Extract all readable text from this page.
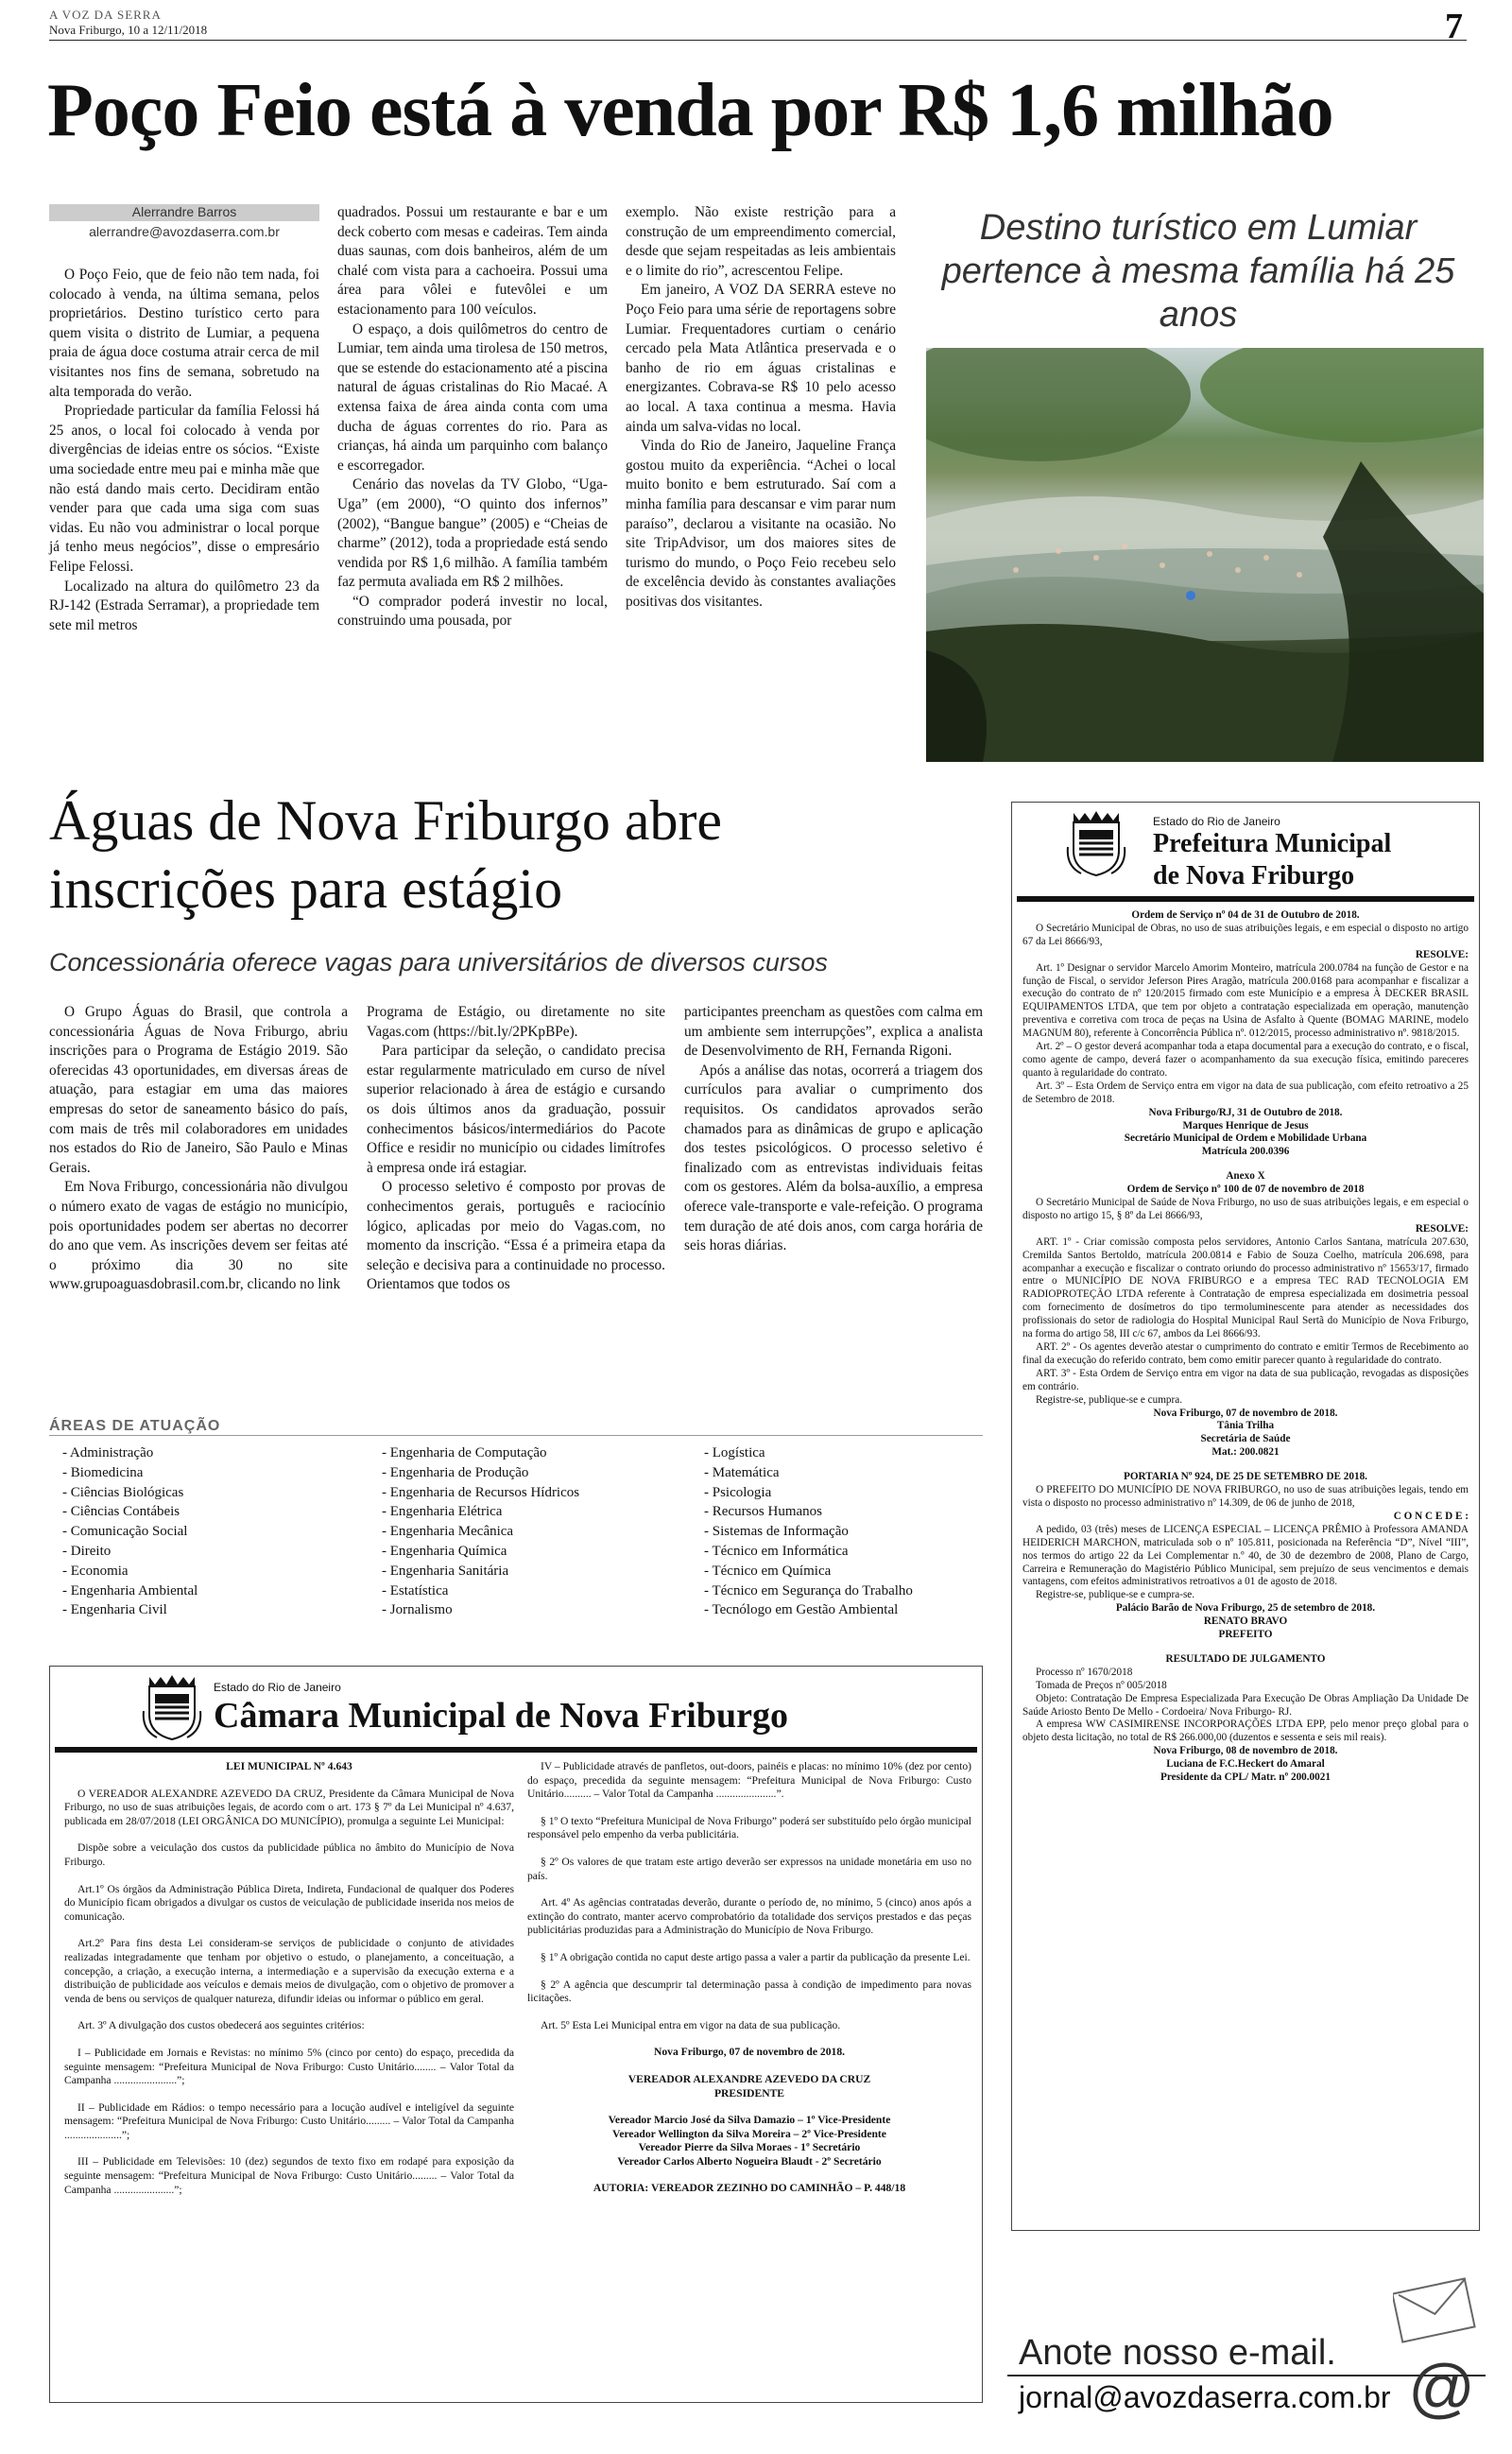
A VOZ DA SERRA
Nova Friburgo, 10 a 12/11/2018	7
Poço Feio está à venda por R$ 1,6 milhão
Alerrandre Barros
alerrandre@avozdaserra.com.br

O Poço Feio, que de feio não tem nada, foi colocado à venda, na última semana, pelos proprietários. Destino turístico certo para quem visita o distrito de Lumiar, a pequena praia de água doce costuma atrair cerca de mil visitantes nos fins de semana, sobretudo na alta temporada do verão.

Propriedade particular da família Felossi há 25 anos, o local foi colocado à venda por divergências de ideias entre os sócios. “Existe uma sociedade entre meu pai e minha mãe que não está dando mais certo. Decidiram então vender para que cada uma siga com suas vidas. Eu não vou administrar o local porque já tenho meus negócios”, disse o empresário Felipe Felossi.

Localizado na altura do quilômetro 23 da RJ-142 (Estrada Serramar), a propriedade tem sete mil metros

quadrados. Possui um restaurante e bar e um deck coberto com mesas e cadeiras. Tem ainda duas saunas, com dois banheiros, além de um chalé com vista para a cachoeira. Possui uma área para vôlei e futevôlei e um estacionamento para 100 veículos.

O espaço, a dois quilômetros do centro de Lumiar, tem ainda uma tirolesa de 150 metros, que se estende do estacionamento até a piscina natural de águas cristalinas do Rio Macaé. A extensa faixa de área ainda conta com uma ducha de águas correntes do rio. Para as crianças, há ainda um parquinho com balanço e escorregador.

Cenário das novelas da TV Globo, “Uga-Uga” (em 2000), “O quinto dos infernos” (2002), “Bangue bangue” (2005) e “Cheias de charme” (2012), toda a propriedade está sendo vendida por R$ 1,6 milhão. A família também faz permuta avaliada em R$ 2 milhões.

“O comprador poderá investir no local, construindo uma pousada, por

exemplo. Não existe restrição para a construção de um empreendimento comercial, desde que sejam respeitadas as leis ambientais e o limite do rio”, acrescentou Felipe.

Em janeiro, A VOZ DA SERRA esteve no Poço Feio para uma série de reportagens sobre Lumiar. Frequentadores curtiam o cenário cercado pela Mata Atlântica preservada e o banho de rio em águas cristalinas e energizantes. Cobrava-se R$ 10 pelo acesso ao local. A taxa continua a mesma. Havia ainda um salva-vidas no local.

Vinda do Rio de Janeiro, Jaqueline França gostou muito da experiência. “Achei o local muito bonito e bem estruturado. Saí com a minha família para descansar e vim parar num paraíso”, declarou a visitante na ocasião. No site TripAdvisor, um dos maiores sites de turismo do mundo, o Poço Feio recebeu selo de excelência devido às constantes avaliações positivas dos visitantes.

Destino turístico em Lumiar pertence à mesma família há 25 anos
Águas de Nova Friburgo abre inscrições para estágio
Concessionária oferece vagas para universitários de diversos cursos

O Grupo Águas do Brasil, que controla a concessionária Águas de Nova Friburgo, abriu inscrições para o Programa de Estágio 2019. São oferecidas 43 oportunidades, em diversas áreas de atuação, para estagiar em uma das maiores empresas do setor de saneamento básico do país, com mais de três mil colaboradores em unidades nos estados do Rio de Janeiro, São Paulo e Minas Gerais.

Em Nova Friburgo, concessionária não divulgou o número exato de vagas de estágio no município, pois oportunidades podem ser abertas no decorrer do ano que vem. As inscrições devem ser feitas até o próximo dia 30 no site www.grupoaguasdobrasil.com.br, clicando no link

Programa de Estágio, ou diretamente no site Vagas.com (https://bit.ly/2PKpBPe).

Para participar da seleção, o candidato precisa estar regularmente matriculado em curso de nível superior relacionado à área de estágio e cursando os dois últimos anos da graduação, possuir conhecimentos básicos/intermediários do Pacote Office e residir no município ou cidades limítrofes à empresa onde irá estagiar.

O processo seletivo é composto por provas de conhecimentos gerais, português e raciocínio lógico, aplicadas por meio do Vagas.com, no momento da inscrição. “Essa é a primeira etapa da seleção e decisiva para a continuidade no processo. Orientamos que todos os

participantes preencham as questões com calma em um ambiente sem interrupções”, explica a analista de Desenvolvimento de RH, Fernanda Rigoni.

Após a análise das notas, ocorrerá a triagem dos currículos para avaliar o cumprimento dos requisitos. Os candidatos aprovados serão chamados para as dinâmicas de grupo e aplicação dos testes psicológicos. O processo seletivo é finalizado com as entrevistas individuais feitas com os gestores. Além da bolsa-auxílio, a empresa oferece vale-transporte e vale-refeição. O programa tem duração de até dois anos, com carga horária de seis horas diárias.

ÁREAS DE ATUAÇÃO
- Administração
- Biomedicina
- Ciências Biológicas
- Ciências Contábeis
- Comunicação Social
- Direito
- Economia
- Engenharia Ambiental
- Engenharia Civil
- Engenharia de Computação
- Engenharia de Produção
- Engenharia de Recursos Hídricos
- Engenharia Elétrica
- Engenharia Mecânica
- Engenharia Química
- Engenharia Sanitária
- Estatística
- Jornalismo
- Logística
- Matemática
- Psicologia
- Recursos Humanos
- Sistemas de Informação
- Técnico em Informática
- Técnico em Química
- Técnico em Segurança do Trabalho
- Tecnólogo em Gestão Ambiental
Estado do Rio de Janeiro
Câmara Municipal de Nova Friburgo
LEI MUNICIPAL Nº 4.643

O VEREADOR ALEXANDRE AZEVEDO DA CRUZ, Presidente da Câmara Municipal de Nova Friburgo, no uso de suas atribuições legais, de acordo com o art. 173 § 7º da Lei Municipal nº 4.637, publicada em 28/07/2018 (LEI ORGÂNICA DO MUNICÍPIO), promulga a seguinte Lei Municipal:

Dispõe sobre a veiculação dos custos da publicidade pública no âmbito do Município de Nova Friburgo.

Art.1º Os órgãos da Administração Pública Direta, Indireta, Fundacional de qualquer dos Poderes do Município ficam obrigados a divulgar os custos de veiculação de publicidade inserida nos meios de comunicação.

Art.2º Para fins desta Lei consideram-se serviços de publicidade o conjunto de atividades realizadas integradamente que tenham por objetivo o estudo, o planejamento, a conceituação, a concepção, a criação, a execução interna, a intermediação e a supervisão da execução externa e a distribuição de publicidade aos veículos e demais meios de divulgação, com o objetivo de promover a venda de bens ou serviços de qualquer natureza, difundir ideias ou informar o público em geral.

Art. 3º A divulgação dos custos obedecerá aos seguintes critérios:

I – Publicidade em Jornais e Revistas: no mínimo 5% (cinco por cento) do espaço, precedida da seguinte mensagem: “Prefeitura Municipal de Nova Friburgo: Custo Unitário........ – Valor Total da Campanha .......................”;

II – Publicidade em Rádios: o tempo necessário para a locução audível e inteligível da seguinte mensagem: “Prefeitura Municipal de Nova Friburgo: Custo Unitário......... – Valor Total da Campanha .....................”;

III – Publicidade em Televisões: 10 (dez) segundos de texto fixo em rodapé para exposição da seguinte mensagem: “Prefeitura Municipal de Nova Friburgo: Custo Unitário......... – Valor Total da Campanha ......................”;

IV – Publicidade através de panfletos, out-doors, painéis e placas: no mínimo 10% (dez por cento) do espaço, precedida da seguinte mensagem: “Prefeitura Municipal de Nova Friburgo: Custo Unitário.......... – Valor Total da Campanha ......................”.

§ 1º O texto “Prefeitura Municipal de Nova Friburgo” poderá ser substituído pelo órgão municipal responsável pelo empenho da verba publicitária.

§ 2º Os valores de que tratam este artigo deverão ser expressos na unidade monetária em uso no país.

Art. 4º As agências contratadas deverão, durante o período de, no mínimo, 5 (cinco) anos após a extinção do contrato, manter acervo comprobatório da totalidade dos serviços prestados e das peças publicitárias produzidas para a Administração do Município de Nova Friburgo.

§ 1º A obrigação contida no caput deste artigo passa a valer a partir da publicação da presente Lei.

§ 2º A agência que descumprir tal determinação passa à condição de impedimento para novas licitações.

Art. 5º Esta Lei Municipal entra em vigor na data de sua publicação.

Nova Friburgo, 07 de novembro de 2018.
VEREADOR ALEXANDRE AZEVEDO DA CRUZ
PRESIDENTE
Vereador Marcio José da Silva Damazio – 1º Vice-Presidente
Vereador Wellington da Silva Moreira – 2º Vice-Presidente
Vereador Pierre da Silva Moraes - 1º Secretário
Vereador Carlos Alberto Nogueira Blaudt - 2º Secretário
AUTORIA: VEREADOR ZEZINHO DO CAMINHÃO – P. 448/18
Estado do Rio de Janeiro
Prefeitura Municipal
de Nova Friburgo
Ordem de Serviço nº 04 de 31 de Outubro de 2018.

O Secretário Municipal de Obras, no uso de suas atribuições legais, e em especial o disposto no artigo 67 da Lei 8666/93,

RESOLVE:

Art. 1º Designar o servidor Marcelo Amorim Monteiro, matrícula 200.0784 na função de Gestor e na função de Fiscal, o servidor Jeferson Pires Aragão, matrícula 200.0168 para acompanhar e fiscalizar a execução do contrato de nº 120/2015 firmado com este Município e a empresa À DECKER BRASIL EQUIPAMENTOS LTDA, que tem por objeto a contratação especializada em operação, manutenção preventiva e corretiva com troca de peças na Usina de Asfalto à Quente (BOMAG MARINE, modelo MAGNUM 80), referente à Concorrência Pública nº. 012/2015, processo administrativo nº. 9818/2015.

Art. 2º – O gestor deverá acompanhar toda a etapa documental para a execução do contrato, e o fiscal, como agente de campo, deverá fazer o acompanhamento da sua execução física, emitindo pareceres quanto à regularidade do contrato.

Art. 3º – Esta Ordem de Serviço entra em vigor na data de sua publicação, com efeito retroativo a 25 de Setembro de 2018.

Nova Friburgo/RJ, 31 de Outubro de 2018.
Marques Henrique de Jesus
Secretário Municipal de Ordem e Mobilidade Urbana
Matrícula 200.0396
Anexo X
Ordem de Serviço nº 100 de 07 de novembro de 2018

O Secretário Municipal de Saúde de Nova Friburgo, no uso de suas atribuições legais, e em especial o disposto no artigo 15, § 8º da Lei 8666/93,

RESOLVE:

ART. 1º - Criar comissão composta pelos servidores, Antonio Carlos Santana, matrícula 207.630, Cremilda Santos Bertoldo, matrícula 200.0814 e Fabio de Souza Coelho, matrícula 206.698, para acompanhar a execução e fiscalizar o contrato oriundo do processo administrativo nº 15653/17, firmado entre o MUNICÍPIO DE NOVA FRIBURGO e a empresa TEC RAD TECNOLOGIA EM RADIOPROTEÇÃO LTDA referente à Contratação de empresa especializada em dosimetria pessoal com fornecimento de dosímetros do tipo termoluminescente para atender as necessidades dos profissionais do setor de radiologia do Hospital Municipal Raul Sertã do Município de Nova Friburgo, na forma do artigo 58, III c/c 67, ambos da Lei 8666/93.

ART. 2º - Os agentes deverão atestar o cumprimento do contrato e emitir Termos de Recebimento ao final da execução do referido contrato, bem como emitir parecer quanto à regularidade do contrato.

ART. 3º - Esta Ordem de Serviço entra em vigor na data de sua publicação, revogadas as disposições em contrário.

Registre-se, publique-se e cumpra.

Nova Friburgo, 07 de novembro de 2018.
Tânia Trilha
Secretária de Saúde
Mat.: 200.0821
PORTARIA Nº 924, DE 25 DE SETEMBRO DE 2018.

O PREFEITO DO MUNICÍPIO DE NOVA FRIBURGO, no uso de suas atribuições legais, tendo em vista o disposto no processo administrativo nº 14.309, de 06 de junho de 2018,

C O N C E D E :

A pedido, 03 (três) meses de LICENÇA ESPECIAL – LICENÇA PRÊMIO à Professora AMANDA HEIDERICH MARCHON, matriculada sob o nº 105.811, posicionada na Referência “D”, Nível “III”, nos termos do artigo 22 da Lei Complementar n.º 40, de 30 de dezembro de 2008, Plano de Cargo, Carreira e Remuneração do Magistério Público Municipal, sem prejuízo de seus vencimentos e demais vantagens, com efeitos administrativos retroativos a 01 de agosto de 2018.

Registre-se, publique-se e cumpra-se.

Palácio Barão de Nova Friburgo, 25 de setembro de 2018.
RENATO BRAVO
PREFEITO
RESULTADO DE JULGAMENTO

Processo nº 1670/2018

Tomada de Preços nº 005/2018

Objeto: Contratação De Empresa Especializada Para Execução De Obras Ampliação Da Unidade De Saúde Ariosto Bento De Mello - Cordoeira/ Nova Friburgo- RJ.

A empresa WW CASIMIRENSE INCORPORAÇÕES LTDA EPP, pelo menor preço global para o objeto desta licitação, no total de R$ 266.000,00 (duzentos e sessenta e seis mil reais).

Nova Friburgo, 08 de novembro de 2018.
Luciana de F.C.Heckert do Amaral
Presidente da CPL/ Matr. nº 200.0021
Anote nosso e-mail.
jornal@avozdaserra.com.br @
